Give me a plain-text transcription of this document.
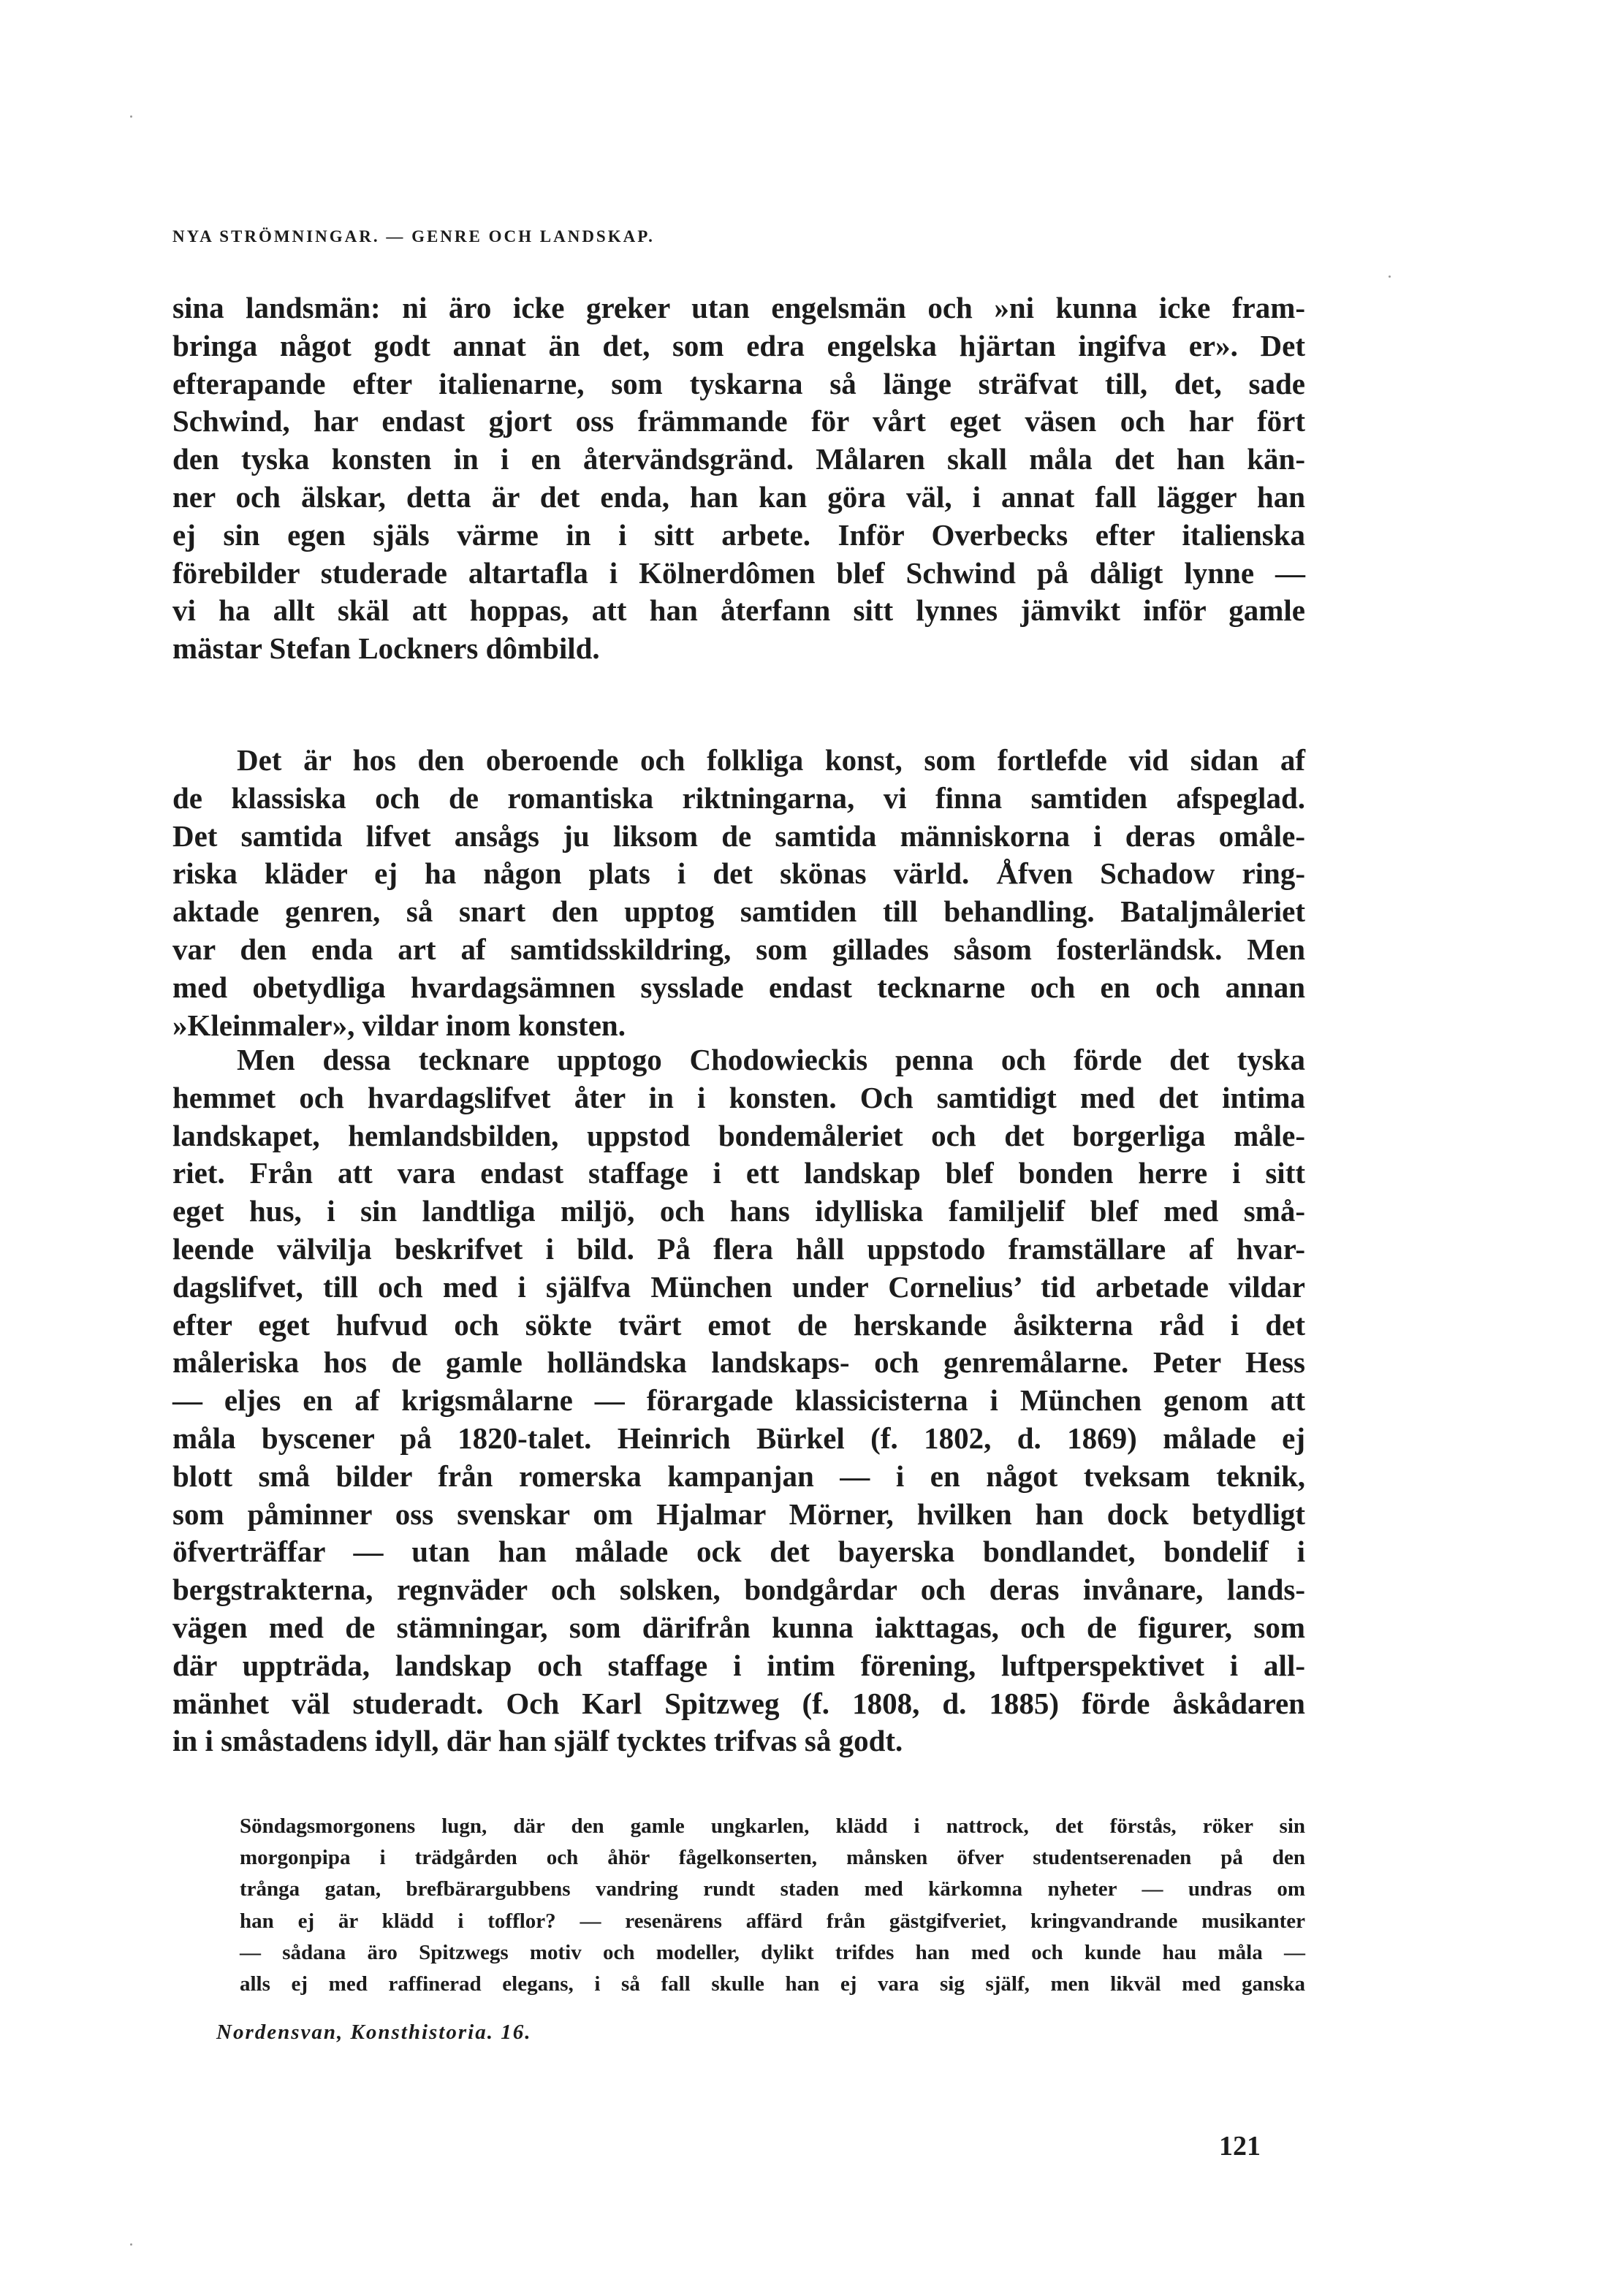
NYA STRÖMNINGAR. — GENRE OCH LANDSKAP.
sina landsmän: ni äro icke greker utan engelsmän och »ni kunna icke fram-
bringa något godt annat än det, som edra engelska hjärtan ingifva er». Det
efterapande efter italienarne, som tyskarna så länge sträfvat till, det, sade
Schwind, har endast gjort oss främmande för vårt eget väsen och har fört
den tyska konsten in i en återvändsgränd. Målaren skall måla det han kän-
ner och älskar, detta är det enda, han kan göra väl, i annat fall lägger han
ej sin egen själs värme in i sitt arbete. Inför Overbecks efter italienska
förebilder studerade altartafla i Kölnerdômen blef Schwind på dåligt lynne —
vi ha allt skäl att hoppas, att han återfann sitt lynnes jämvikt inför gamle
mästar Stefan Lockners dômbild.
Det är hos den oberoende och folkliga konst, som fortlefde vid sidan af
de klassiska och de romantiska riktningarna, vi finna samtiden afspeglad.
Det samtida lifvet ansågs ju liksom de samtida människorna i deras omåle-
riska kläder ej ha någon plats i det skönas värld. Åfven Schadow ring-
aktade genren, så snart den upptog samtiden till behandling. Bataljmåleriet
var den enda art af samtidsskildring, som gillades såsom fosterländsk. Men
med obetydliga hvardagsämnen sysslade endast tecknarne och en och annan
»Kleinmaler», vildar inom konsten.
Men dessa tecknare upptogo Chodowieckis penna och förde det tyska
hemmet och hvardagslifvet åter in i konsten. Och samtidigt med det intima
landskapet, hemlandsbilden, uppstod bondemåleriet och det borgerliga måle-
riet. Från att vara endast staffage i ett landskap blef bonden herre i sitt
eget hus, i sin landtliga miljö, och hans idylliska familjelif blef med små-
leende välvilja beskrifvet i bild. På flera håll uppstodo framställare af hvar-
dagslifvet, till och med i själfva München under Cornelius’ tid arbetade vildar
efter eget hufvud och sökte tvärt emot de herskande åsikterna råd i det
måleriska hos de gamle holländska landskaps- och genremålarne. Peter Hess
— eljes en af krigsmålarne — förargade klassicisterna i München genom att
måla byscener på 1820-talet. Heinrich Bürkel (f. 1802, d. 1869) målade ej
blott små bilder från romerska kampanjan — i en något tveksam teknik,
som påminner oss svenskar om Hjalmar Mörner, hvilken han dock betydligt
öfverträffar — utan han målade ock det bayerska bondlandet, bondelif i
bergstrakterna, regnväder och solsken, bondgårdar och deras invånare, lands-
vägen med de stämningar, som därifrån kunna iakttagas, och de figurer, som
där uppträda, landskap och staffage i intim förening, luftperspektivet i all-
mänhet väl studeradt. Och Karl Spitzweg (f. 1808, d. 1885) förde åskådaren
in i småstadens idyll, där han själf tycktes trifvas så godt.
Söndagsmorgonens lugn, där den gamle ungkarlen, klädd i nattrock, det förstås, röker sin
morgonpipa i trädgården och åhör fågelkonserten, månsken öfver studentserenaden på den
trånga gatan, brefbärargubbens vandring rundt staden med kärkomna nyheter — undras om
han ej är klädd i tofflor? — resenärens affärd från gästgifveriet, kringvandrande musikanter
— sådana äro Spitzwegs motiv och modeller, dylikt trifdes han med och kunde hau måla —
alls ej med raffinerad elegans, i så fall skulle han ej vara sig själf, men likväl med ganska
Nordensvan, Konsthistoria. 16.
121
